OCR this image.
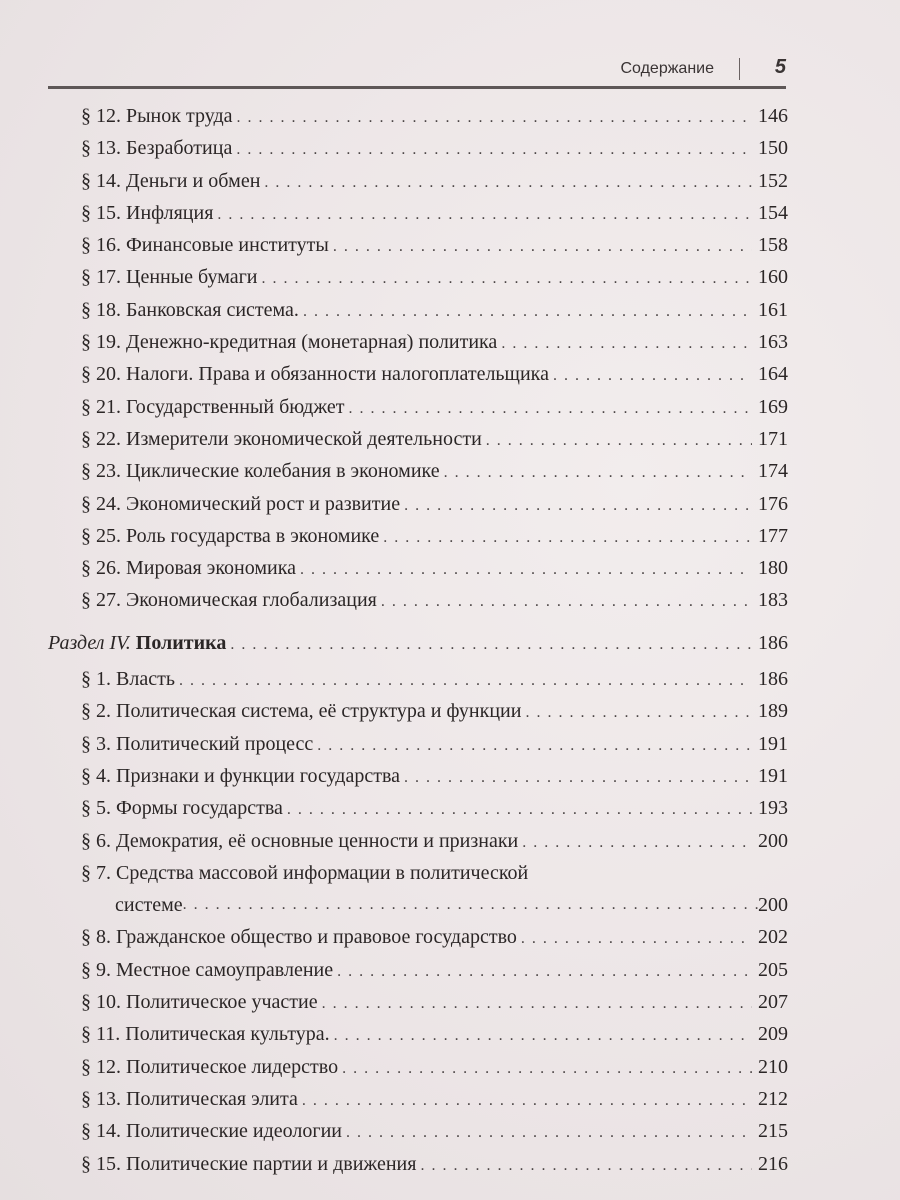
Содержание	5
§ 12. Рынок труда . . .	146
§ 13. Безработица . . .	150
§ 14. Деньги и обмен . . .	152
§ 15. Инфляция . . .	154
§ 16. Финансовые институты . . .	158
§ 17. Ценные бумаги . . .	160
§ 18. Банковская система. . . .	161
§ 19. Денежно-кредитная (монетарная) политика . . .	163
§ 20. Налоги. Права и обязанности налогоплательщика . . .	164
§ 21. Государственный бюджет . . .	169
§ 22. Измерители экономической деятельности . . .	171
§ 23. Циклические колебания в экономике . . .	174
§ 24. Экономический рост и развитие . . .	176
§ 25. Роль государства в экономике . . .	177
§ 26. Мировая экономика . . .	180
§ 27. Экономическая глобализация . . .	183
Раздел IV. Политика . . .	186
§ 1. Власть . . .	186
§ 2. Политическая система, её структура и функции . . .	189
§ 3. Политический процесс . . .	191
§ 4. Признаки и функции государства . . .	191
§ 5. Формы государства . . .	193
§ 6. Демократия, её основные ценности и признаки . . .	200
§ 7. Средства массовой информации в политической
системе . . .	200
§ 8. Гражданское общество и правовое государство . . .	202
§ 9. Местное самоуправление . . .	205
§ 10. Политическое участие . . .	207
§ 11. Политическая культура. . . .	209
§ 12. Политическое лидерство . . .	210
§ 13. Политическая элита . . .	212
§ 14. Политические идеологии . . .	215
§ 15. Политические партии и движения . . .	216
